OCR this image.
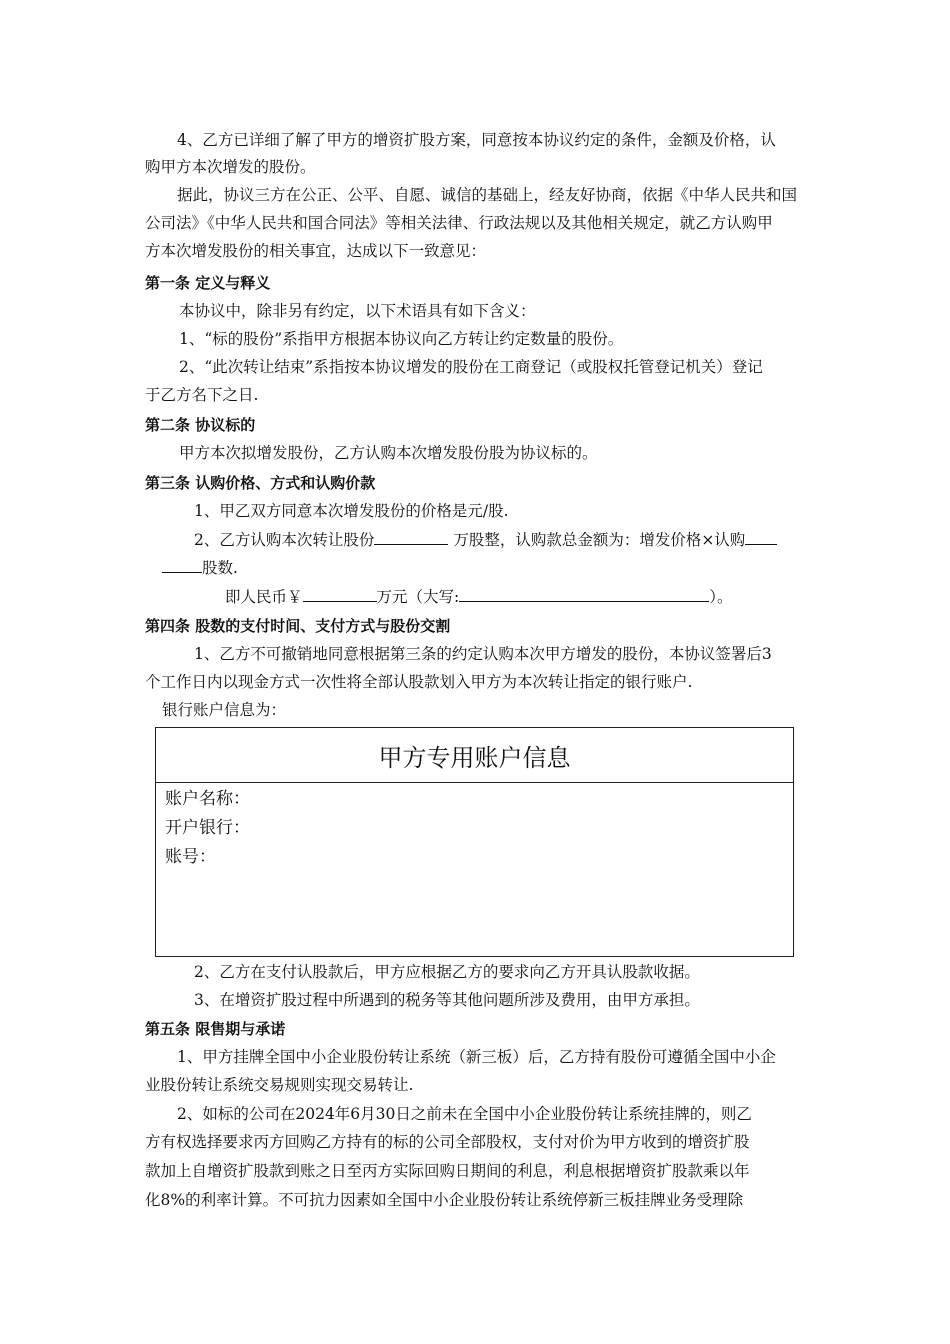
4、乙方已详细了解了甲方的增资扩股方案，同意按本协议约定的条件，金额及价格，认
购甲方本次增发的股份。
据此，协议三方在公正、公平、自愿、诚信的基础上，经友好协商，依据《中华人民共和国
公司法》《中华人民共和国合同法》等相关法律、行政法规以及其他相关规定，就乙方认购甲
方本次增发股份的相关事宜，达成以下一致意见：
第一条 定义与释义
本协议中，除非另有约定，以下术语具有如下含义：
1、“标的股份”系指甲方根据本协议向乙方转让约定数量的股份。
2、“此次转让结束”系指按本协议增发的股份在工商登记（或股权托管登记机关）登记
于乙方名下之日.
第二条 协议标的
甲方本次拟增发股份，乙方认购本次增发股份股为协议标的。
第三条 认购价格、方式和认购价款
1、甲乙双方同意本次增发股份的价格是元/股.
2、乙方认购本次转让股份	万股整，认购款总金额为：增发价格×认购
股数.
即人民币￥	万元（大写:	）。
第四条 股数的支付时间、支付方式与股份交割
1、乙方不可撤销地同意根据第三条的约定认购本次甲方增发的股份，本协议签署后3
个工作日内以现金方式一次性将全部认股款划入甲方为本次转让指定的银行账户.
银行账户信息为：
甲方专用账户信息
账户名称：
开户银行：
账号：
2、乙方在支付认股款后，甲方应根据乙方的要求向乙方开具认股款收据。
3、在增资扩股过程中所遇到的税务等其他问题所涉及费用，由甲方承担。
第五条 限售期与承诺
1、甲方挂牌全国中小企业股份转让系统（新三板）后，乙方持有股份可遵循全国中小企
业股份转让系统交易规则实现交易转让.
2、如标的公司在2024年6月30日之前未在全国中小企业股份转让系统挂牌的，则乙
方有权选择要求丙方回购乙方持有的标的公司全部股权，支付对价为甲方收到的增资扩股
款加上自增资扩股款到账之日至丙方实际回购日期间的利息，利息根据增资扩股款乘以年
化8%的利率计算。不可抗力因素如全国中小企业股份转让系统停新三板挂牌业务受理除
